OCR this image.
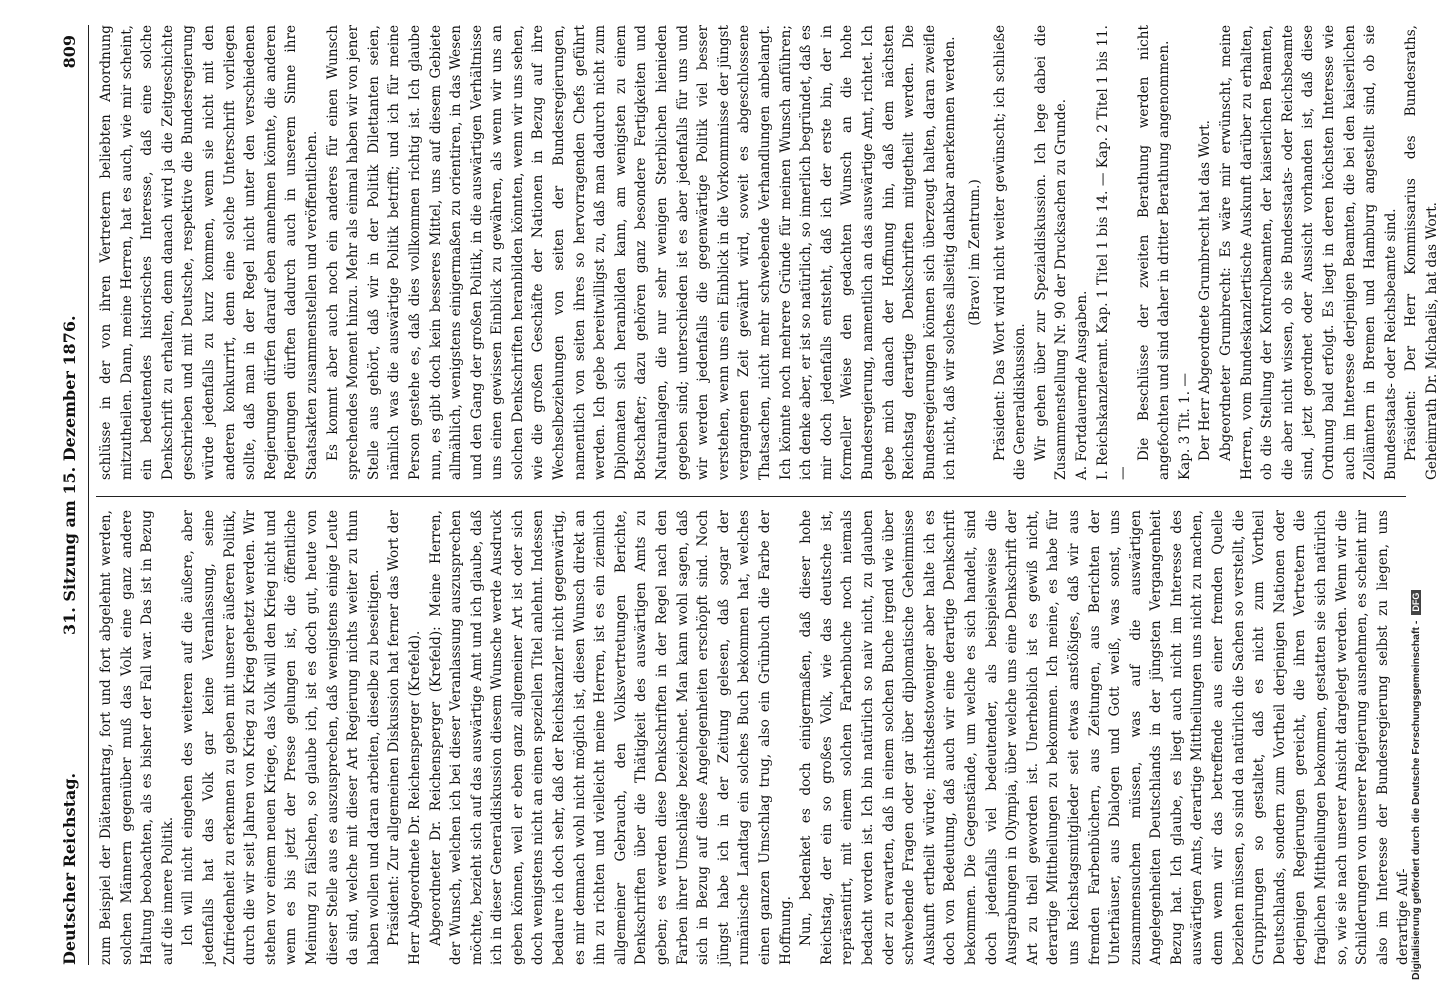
Deutscher Reichstag.
31. Sitzung am 15. Dezember 1876.
809

zum Beispiel der Diätenantrag, fort und fort abgelehnt werden, solchen Männern gegenüber muß das Volk eine ganz andere Haltung beobachten, als es bisher der Fall war. Das ist in Bezug auf die innere Politik. Ich will nicht eingehen des weiteren auf die äußere, aber jedenfalls hat das Volk gar keine Veranlassung, seine Zufriedenheit zu erkennen zu geben mit unserer äußeren Politik, durch die wir seit Jahren von Krieg zu Krieg gehetzt werden. Wir stehen vor einem neuen Kriege, das Volk will den Krieg nicht und wenn es bis jetzt der Presse gelungen ist, die öffentliche Meinung zu fälschen, so glaube ich, ist es doch gut, heute von dieser Stelle aus es auszusprechen, daß wenigstens einige Leute da sind, welche mit dieser Art Regierung nichts weiter zu thun haben wollen und daran arbeiten, dieselbe zu beseitigen. Präsident: Zur allgemeinen Diskussion hat ferner das Wort der Herr Abgeordnete Dr. Reichensperger (Krefeld). Abgeordneter Dr. Reichensperger (Krefeld): Meine Herren, der Wunsch, welchen ich bei dieser Veranlassung auszusprechen möchte, bezieht sich auf das auswärtige Amt und ich glaube, daß ich in dieser Generaldiskussion diesem Wunsche werde Ausdruck geben können, weil er eben ganz allgemeiner Art ist oder sich doch wenigstens nicht an einen speziellen Titel anlehnt. Indessen bedaure ich doch sehr, daß der Reichskanzler nicht gegenwärtig, es mir demnach wohl nicht möglich ist, diesen Wunsch direkt an ihn zu richten und vielleicht meine Herren, ist es ein ziemlich allgemeiner Gebrauch, den Volksvertretungen Berichte, Denkschriften über die Thätigkeit des auswärtigen Amts zu geben; es werden diese Denkschriften in der Regel nach den Farben ihrer Umschläge bezeichnet. Man kann wohl sagen, daß sich in Bezug auf diese Angelegenheiten erschöpft sind. Noch jüngst habe ich in der Zeitung gelesen, daß sogar der rumänische Landtag ein solches Buch bekommen hat, welches einen ganzen Umschlag trug, also ein Grünbuch die Farbe der Hoffnung. Nun, bedenket es doch einigermaßen, daß dieser hohe Reichstag, der ein so großes Volk, wie das deutsche ist, repräsentirt, mit einem solchen Farbenbuche noch niemals bedacht worden ist. Ich bin natürlich so naiv nicht, zu glauben oder zu erwarten, daß in einem solchen Buche irgend wie über schwebende Fragen oder gar über diplomatische Geheimnisse Auskunft ertheilt würde; nichtsdestoweniger aber halte ich es doch von Bedeutung, daß auch wir eine derartige Denkschrift bekommen. Die Gegenstände, um welche es sich handelt, sind doch jedenfalls viel bedeutender, als beispielsweise die Ausgrabungen in Olympia, über welche uns eine Denkschrift der Art zu theil geworden ist. Unerheblich ist es gewiß nicht, derartige Mittheilungen zu bekommen. Ich meine, es habe für uns Reichstagsmitglieder seit etwas anstößiges, daß wir aus fremden Farbenbüchern, aus Zeitungen, aus Berichten der Unterhäuser, aus Dialogen und Gott weiß, was sonst, uns zusammensuchen müssen, was auf die auswärtigen Angelegenheiten Deutschlands in der jüngsten Vergangenheit Bezug hat. Ich glaube, es liegt auch nicht im Interesse des auswärtigen Amts, derartige Mittheilungen uns nicht zu machen, denn wenn wir das betreffende aus einer fremden Quelle beziehen müssen, so sind da natürlich die Sachen so verstellt, die Gruppirungen so gestaltet, daß es nicht zum Vortheil Deutschlands, sondern zum Vortheil derjenigen Nationen oder derjenigen Regierungen gereicht, die ihren Vertretern die fraglichen Mittheilungen bekommen, gestatten sie sich natürlich so, wie sie nach unserer Ansicht dargelegt werden. Wenn wir die Schilderungen von unserer Regierung ausnehmen, es scheint mir also im Interesse der Bundesregierung selbst zu liegen, uns derartige Auf-

schlüsse in der von ihren Vertretern beliebten Anordnung mitzutheilen. Dann, meine Herren, hat es auch, wie mir scheint, ein bedeutendes historisches Interesse, daß eine solche Denkschrift zu erhalten, denn danach wird ja die Zeitgeschichte geschrieben und mit Deutsche, respektive die Bundesregierung würde jedenfalls zu kurz kommen, wenn sie nicht mit den anderen konkurrirt, denn eine solche Unterschrift vorliegen sollte, daß man in der Regel nicht unter den verschiedenen Regierungen dürfen darauf eben annehmen könnte, die anderen Regierungen dürften dadurch auch in unserem Sinne ihre Staatsakten zusammenstellen und veröffentlichen. Es kommt aber auch noch ein anderes für einen Wunsch sprechendes Moment hinzu. Mehr als einmal haben wir von jener Stelle aus gehört, daß wir in der Politik Dilettanten seien, nämlich was die auswärtige Politik betrifft; und ich für meine Person gestehe es, daß dies vollkommen richtig ist. Ich glaube nun, es gibt doch kein besseres Mittel, uns auf diesem Gebiete allmählich, wenigstens einigermaßen zu orientiren, in das Wesen und den Gang der großen Politik, in die auswärtigen Verhältnisse uns einen gewissen Einblick zu gewähren, als wenn wir uns an solchen Denkschriften heranbilden könnten, wenn wir uns sehen, wie die großen Geschäfte der Nationen in Bezug auf ihre Wechselbeziehungen von seiten der Bundesregierungen, namentlich von seiten ihres so hervorragenden Chefs geführt werden. Ich gebe bereitwilligst zu, daß man dadurch nicht zum Diplomaten sich heranbilden kann, am wenigsten zu einem Botschafter; dazu gehören ganz besondere Fertigkeiten und Naturanlagen, die nur sehr wenigen Sterblichen hienieden gegeben sind; unterschieden ist es aber jedenfalls für uns und wir werden jedenfalls die gegenwärtige Politik viel besser verstehen, wenn uns ein Einblick in die Vorkommnisse der jüngst vergangenen Zeit gewährt wird, soweit es abgeschlossene Thatsachen, nicht mehr schwebende Verhandlungen anbelangt. Ich könnte noch mehrere Gründe für meinen Wunsch anführen; ich denke aber, er ist so natürlich, so innerlich begründet, daß es mir doch jedenfalls entsteht, daß ich der erste bin, der in formeller Weise den gedachten Wunsch an die hohe Bundesregierung, namentlich an das auswärtige Amt, richtet. Ich gebe mich danach der Hoffnung hin, daß dem nächsten Reichstag derartige Denkschriften mitgetheilt werden. Die Bundesregierungen können sich überzeugt halten, daran zweifle ich nicht, daß wir solches allseitig dankbar anerkennen werden. (Bravo! im Zentrum.) Präsident: Das Wort wird nicht weiter gewünscht; ich schließe die Generaldiskussion. Wir gehen über zur Spezialdiskussion. Ich lege dabei die Zusammenstellung Nr. 90 der Drucksachen zu Grunde. A. Fortdauernde Ausgaben. I. Reichskanzleramt. Kap. 1 Titel 1 bis 14. — Kap. 2 Titel 1 bis 11. —

Die Beschlüsse der zweiten Berathung werden nicht angefochten und sind daher in dritter Berathung angenommen. Kap. 3 Tit. 1. — Der Herr Abgeordnete Grumbrecht hat das Wort. Abgeordneter Grumbrecht: Es wäre mir erwünscht, meine Herren, vom Bundeskanzlertische Auskunft darüber zu erhalten, ob die Stellung der Kontrolbeamten, der kaiserlichen Beamten, die aber nicht wissen, ob sie Bundesstaats- oder Reichsbeamte sind, jetzt geordnet oder Aussicht vorhanden ist, daß diese Ordnung bald erfolgt. Es liegt in deren höchsten Interesse wie auch im Interesse derjenigen Beamten, die bei den kaiserlichen Zollämtern in Bremen und Hamburg angestellt sind, ob sie Bundesstaats- oder Reichsbeamte sind. Präsident: Der Herr Kommissarius des Bundesraths, Geheimrath Dr. Michaelis, hat das Wort.

Digitalisierung gefördert durch die Deutsche Forschungsgemeinschaft -DFG
